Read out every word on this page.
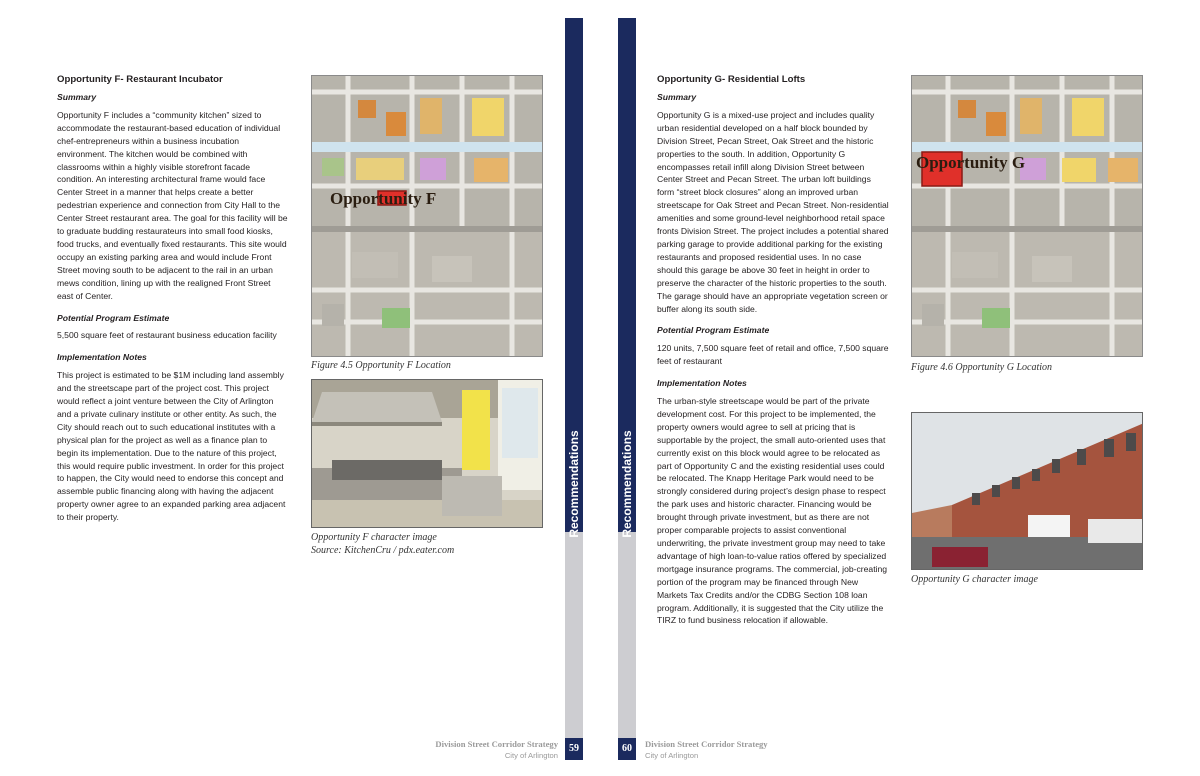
Opportunity F- Restaurant Incubator
Summary

Opportunity F includes a “community kitchen” sized to accommodate the restaurant-based education of individual chef-entrepreneurs within a business incubation environment. The kitchen would be combined with classrooms within a highly visible storefront facade condition. An interesting architectural frame would face Center Street in a manner that helps create a better pedestrian experience and connection from City Hall to the Center Street restaurant area. The goal for this facility will be to graduate budding restaurateurs into small food kiosks, food trucks, and eventually fixed restaurants. This site would occupy an existing parking area and would include Front Street moving south to be adjacent to the rail in an urban mews condition, lining up with the realigned Front Street east of Center.

Potential Program Estimate

5,500 square feet of restaurant business education facility

Implementation Notes

This project is estimated to be $1M including land assembly and the streetscape part of the project cost. This project would reflect a joint venture between the City of Arlington and a private culinary institute or other entity. As such, the City should reach out to such educational institutes with a physical plan for the project as well as a finance plan to begin its implementation. Due to the nature of this project, this would require public investment. In order for this project to happen, the City would need to endorse this concept and assemble public financing along with having the adjacent property owner agree to an expanded parking area adjacent to their property.

Opportunity F
Figure 4.5 Opportunity F Location
Opportunity F character image
Source: KitchenCru / pdx.eater.com
Recommendations
59
Division Street Corridor Strategy
City of Arlington
Recommendations
60	Division Street Corridor Strategy
City of Arlington
Opportunity G- Residential Lofts
Summary

Opportunity G is a mixed-use project and includes quality urban residential developed on a half block bounded by Division Street, Pecan Street, Oak Street and the historic properties to the south. In addition, Opportunity G encompasses retail infill along Division Street between Center Street and Pecan Street. The urban loft buildings form “street block closures” along an improved urban streetscape for Oak Street and Pecan Street. Non-residential amenities and some ground-level neighborhood retail space fronts Division Street. The project includes a potential shared parking garage to provide additional parking for the existing restaurants and proposed residential uses. In no case should this garage be above 30 feet in height in order to preserve the character of the historic properties to the south. The garage should have an appropriate vegetation screen or buffer along its south side.

Potential Program Estimate

120 units, 7,500 square feet of retail and office, 7,500 square feet of restaurant

Implementation Notes

The urban-style streetscape would be part of the private development cost. For this project to be implemented, the property owners would agree to sell at pricing that is supportable by the project, the small auto-oriented uses that currently exist on this block would agree to be relocated as part of Opportunity C and the existing residential uses could be relocated. The Knapp Heritage Park would need to be strongly considered during project’s design phase to respect the park uses and historic character. Financing would be brought through private investment, but as there are not proper comparable projects to assist conventional underwriting, the private investment group may need to take advantage of high loan-to-value ratios offered by specialized mortgage insurance programs. The commercial, job-creating portion of the program may be financed through New Markets Tax Credits and/or the CDBG Section 108 loan program. Additionally, it is suggested that the City utilize the TIRZ to fund business relocation if allowable.

Opportunity G
Figure 4.6 Opportunity G Location
Opportunity G character image
